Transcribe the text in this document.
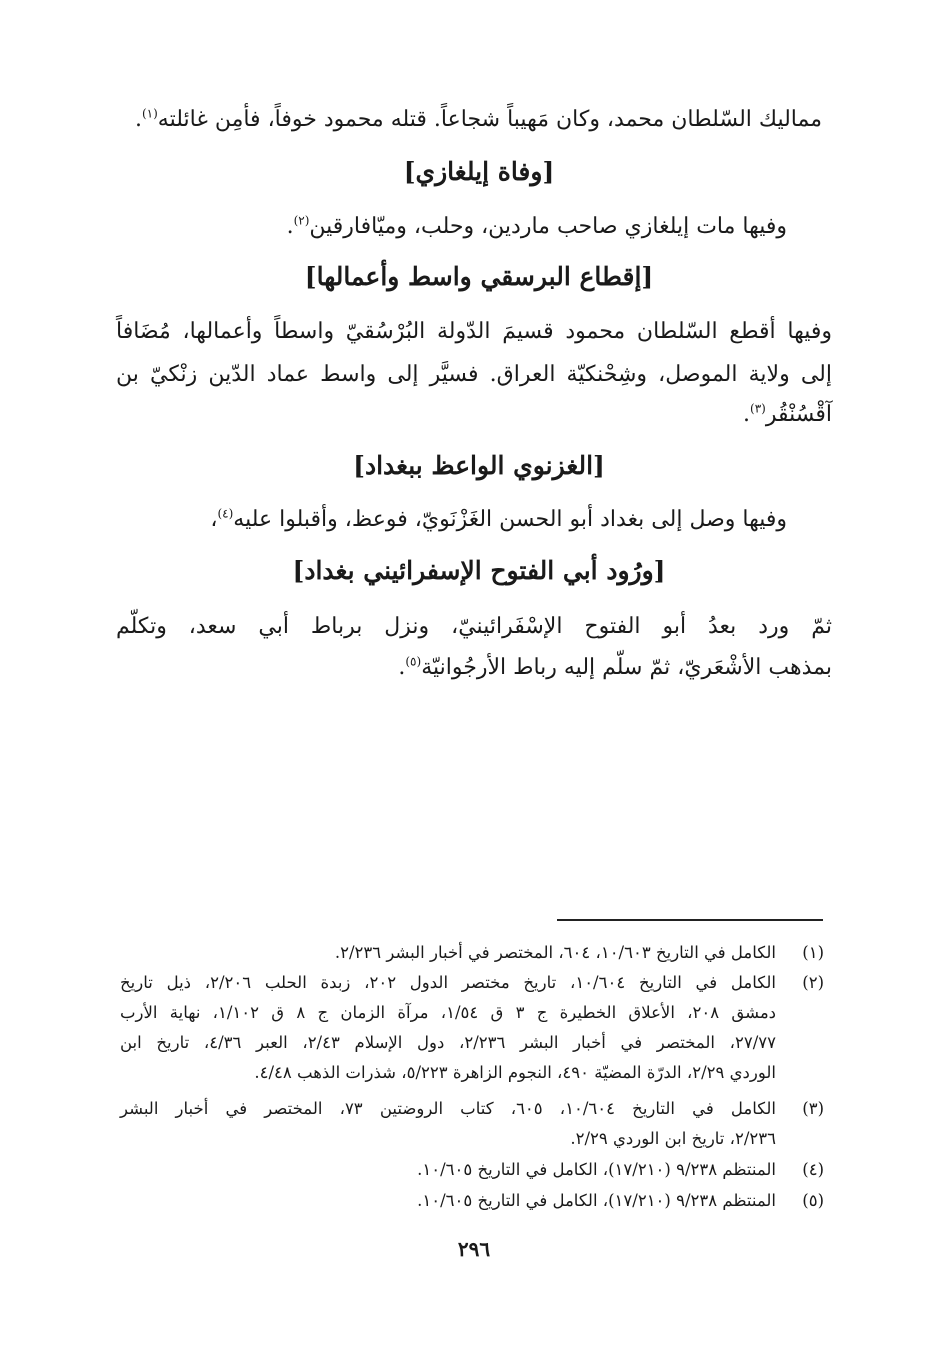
مماليك السّلطان محمد، وكان مَهيباً شجاعاً. قتله محمود خوفاً، فأمِن غائلته$^{(١)}$.
[وفاة إيلغازي]
وفيها مات إيلغازي صاحب ماردين، وحلب، وميّافارقين$^{(٢)}$.
[إقطاع البرسقي واسط وأعمالها]
وفيها أقطع السّلطان محمود قسيمَ الدّولة البُرْسُقيّ واسطاً وأعمالها، مُضَافاً
إلى ولاية الموصل، وشِحْنكيّة العراق. فسيَّر إلى واسط عماد الدّين زنْكيّ بن
آقْسُنْقُر$^{(٣)}$.
[الغزنوي الواعظ ببغداد]
وفيها وصل إلى بغداد أبو الحسن الغَزْنَويّ، فوعظ، وأقبلوا عليه$^{(٤)}$،
[ورُود أبي الفتوح الإسفرائيني بغداد]
ثمّ ورد بعدُ أبو الفتوح الإسْفَرائينيّ، ونزل برباط أبي سعد، وتكلّم
بمذهب الأشْعَريّ، ثمّ سلّم إليه رباط الأرجُوانيّة$^{(٥)}$.
(١)
الكامل في التاريخ ١٠/٦٠٣، ٦٠٤، المختصر في أخبار البشر ٢/٢٣٦.
(٢)
الكامل في التاريخ ١٠/٦٠٤، تاريخ مختصر الدول ٢٠٢، زبدة الحلب ٢/٢٠٦، ذيل تاريخ
دمشق ٢٠٨، الأعلاق الخطيرة ج ٣ ق ١/٥٤، مرآة الزمان ج ٨ ق ١/١٠٢، نهاية الأرب
٢٧/٧٧، المختصر في أخبار البشر ٢/٢٣٦، دول الإسلام ٢/٤٣، العبر ٤/٣٦، تاريخ ابن
الوردي ٢/٢٩، الدرّة المضيّة ٤٩٠، النجوم الزاهرة ٥/٢٢٣، شذرات الذهب ٤/٤٨.
(٣)
الكامل في التاريخ ١٠/٦٠٤، ٦٠٥، كتاب الروضتين ٧٣، المختصر في أخبار البشر
٢/٢٣٦، تاريخ ابن الوردي ٢/٢٩.
(٤)
المنتظم ٩/٢٣٨ (١٧/٢١٠)، الكامل في التاريخ ١٠/٦٠٥.
(٥)
المنتظم ٩/٢٣٨ (١٧/٢١٠)، الكامل في التاريخ ١٠/٦٠٥.
٢٩٦
